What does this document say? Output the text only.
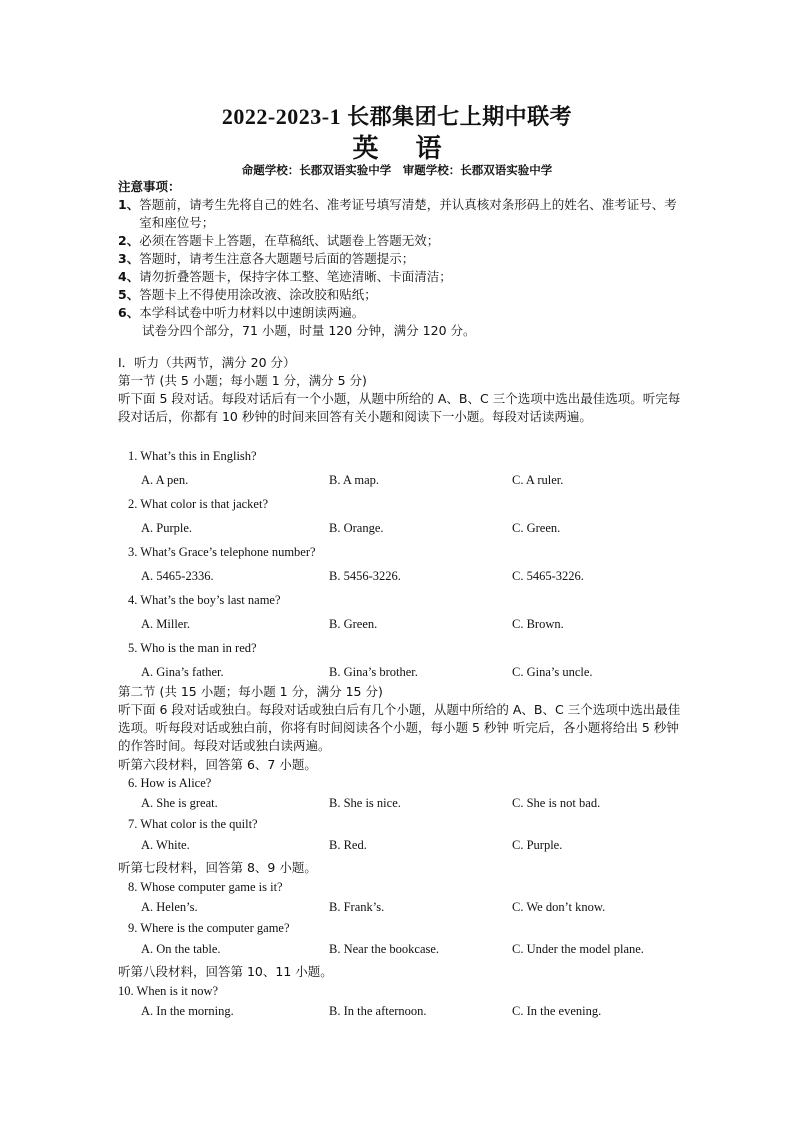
2022-2023-1 长郡集团七上期中联考
英 语
命题学校：长郡双语实验中学　审题学校：长郡双语实验中学
注意事项：
1、 答题前，请考生先将自己的姓名、准考证号填写清楚，并认真核对条形码上的姓名、准考证号、考室和座位号；
2、 必须在答题卡上答题，在草稿纸、试题卷上答题无效；
3、 答题时，请考生注意各大题题号后面的答题提示；
4、 请勿折叠答题卡，保持字体工整、笔迹清晰、卡面清洁；
5、 答题卡上不得使用涂改液、涂改胶和贴纸；
6、 本学科试卷中听力材料以中速朗读两遍。
试卷分四个部分，71 小题，时量 120 分钟，满分 120 分。
I．听力（共两节，满分 20 分）
第一节 (共 5 小题；每小题 1 分，满分 5 分)
听下面 5 段对话。每段对话后有一个小题，从题中所给的 A、B、C 三个选项中选出最佳选项。听完每段对话后，你都有 10 秒钟的时间来回答有关小题和阅读下一小题。每段对话读两遍。
1. What’s this in English?
A. A pen.	B. A map.	C. A ruler.
2. What color is that jacket?
A. Purple.	B. Orange.	C. Green.
3. What’s Grace’s telephone number?
A. 5465-2336.	B. 5456-3226.	C. 5465-3226.
4. What’s the boy’s last name?
A. Miller.	B. Green.	C. Brown.
5. Who is the man in red?
A. Gina’s father.	B. Gina’s brother.	C. Gina’s uncle.
第二节 (共 15 小题；每小题 1 分，满分 15 分)
听下面 6 段对话或独白。每段对话或独白后有几个小题，从题中所给的 A、B、C 三个选项中选出最佳选项。听每段对话或独白前，你将有时间阅读各个小题，每小题 5 秒钟 听完后，各小题将给出 5 秒钟的作答时间。每段对话或独白读两遍。
听第六段材料，回答第 6、7 小题。
6. How is Alice?
A. She is great.	B. She is nice.	C. She is not bad.
7. What color is the quilt?
A. White.	B. Red.	C. Purple.
听第七段材料，回答第 8、9 小题。
8. Whose computer game is it?
A. Helen’s.	B. Frank’s.	C. We don’t know.
9. Where is the computer game?
A. On the table.	B. Near the bookcase.	C. Under the model plane.
听第八段材料，回答第 10、11 小题。
10. When is it now?
A. In the morning.	B. In the afternoon.	C. In the evening.
